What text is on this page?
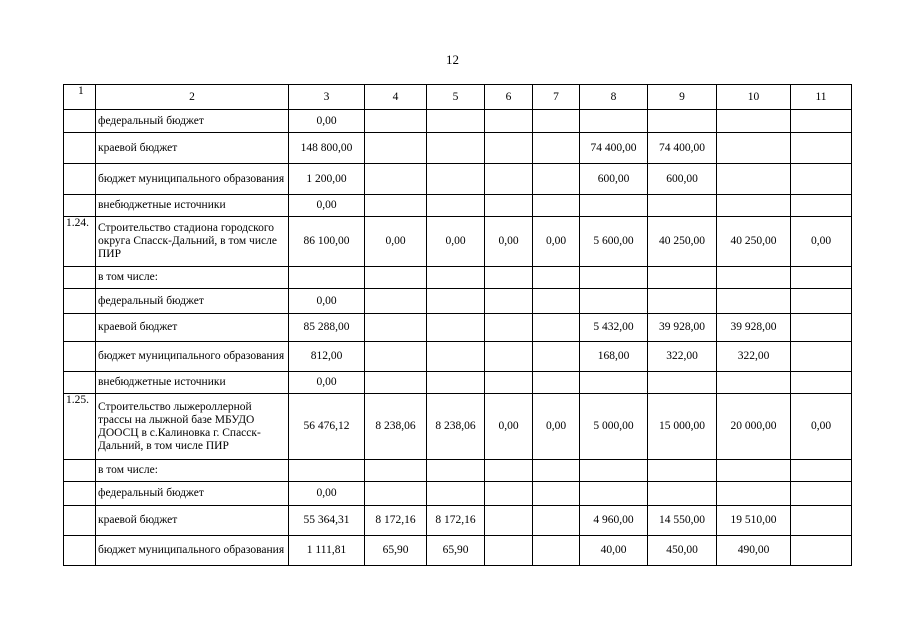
12
1	2	3	4	5	6	7	8	9	10	11
	федеральный бюджет	0,00								
	краевой бюджет	148 800,00					74 400,00	74 400,00		
	бюджет муниципального образования	1 200,00					600,00	600,00		
	внебюджетные источники	0,00								
1.24.	Строительство стадиона городского округа Спасск-Дальний, в том числе ПИР	86 100,00	0,00	0,00	0,00	0,00	5 600,00	40 250,00	40 250,00	0,00
	в том числе:									
	федеральный бюджет	0,00								
	краевой бюджет	85 288,00					5 432,00	39 928,00	39 928,00	
	бюджет муниципального образования	812,00					168,00	322,00	322,00	
	внебюджетные источники	0,00								
1.25.	Строительство лыжероллерной трассы на лыжной базе МБУДО ДООСЦ в с.Калиновка г. Спасск-Дальний, в том числе ПИР	56 476,12	8 238,06	8 238,06	0,00	0,00	5 000,00	15 000,00	20 000,00	0,00
	в том числе:									
	федеральный бюджет	0,00								
	краевой бюджет	55 364,31	8 172,16	8 172,16			4 960,00	14 550,00	19 510,00	
	бюджет муниципального образования	1 111,81	65,90	65,90			40,00	450,00	490,00	
